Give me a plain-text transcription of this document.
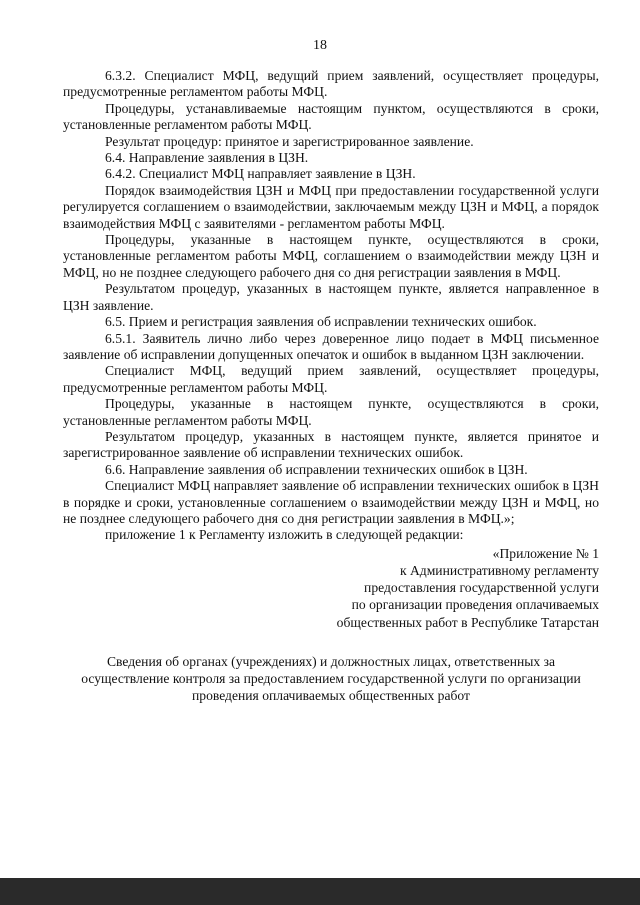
18

6.3.2. Специалист МФЦ, ведущий прием заявлений, осуществляет процедуры, предусмотренные регламентом работы МФЦ.

Процедуры, устанавливаемые настоящим пунктом, осуществляются в сроки, установленные регламентом работы МФЦ.

Результат процедур: принятое и зарегистрированное заявление.

6.4. Направление заявления в ЦЗН.

6.4.2. Специалист МФЦ направляет заявление в ЦЗН.

Порядок взаимодействия ЦЗН и МФЦ при предоставлении государственной услуги регулируется соглашением о взаимодействии, заключаемым между ЦЗН и МФЦ, а порядок взаимодействия МФЦ с заявителями - регламентом работы МФЦ.

Процедуры, указанные в настоящем пункте, осуществляются в сроки, установленные регламентом работы МФЦ, соглашением о взаимодействии между ЦЗН и МФЦ, но не позднее следующего рабочего дня со дня регистрации заявления в МФЦ.

Результатом процедур, указанных в настоящем пункте, является направленное в ЦЗН заявление.

6.5. Прием и регистрация заявления об исправлении технических ошибок.

6.5.1. Заявитель лично либо через доверенное лицо подает в МФЦ письменное заявление об исправлении допущенных опечаток и ошибок в выданном ЦЗН заключении.

Специалист МФЦ, ведущий прием заявлений, осуществляет процедуры, предусмотренные регламентом работы МФЦ.

Процедуры, указанные в настоящем пункте, осуществляются в сроки, установленные регламентом работы МФЦ.

Результатом процедур, указанных в настоящем пункте, является принятое и зарегистрированное заявление об исправлении технических ошибок.

6.6. Направление заявления об исправлении технических ошибок в ЦЗН.

Специалист МФЦ направляет заявление об исправлении технических ошибок в ЦЗН в порядке и сроки, установленные соглашением о взаимодействии между ЦЗН и МФЦ, но не позднее следующего рабочего дня со дня регистрации заявления в МФЦ.»;

приложение 1 к Регламенту изложить в следующей редакции:

«Приложение № 1
к Административному регламенту
предоставления государственной услуги
по организации проведения оплачиваемых
общественных работ в Республике Татарстан
Сведения об органах (учреждениях) и должностных лицах, ответственных за осуществление контроля за предоставлением государственной услуги по организации проведения оплачиваемых общественных работ
